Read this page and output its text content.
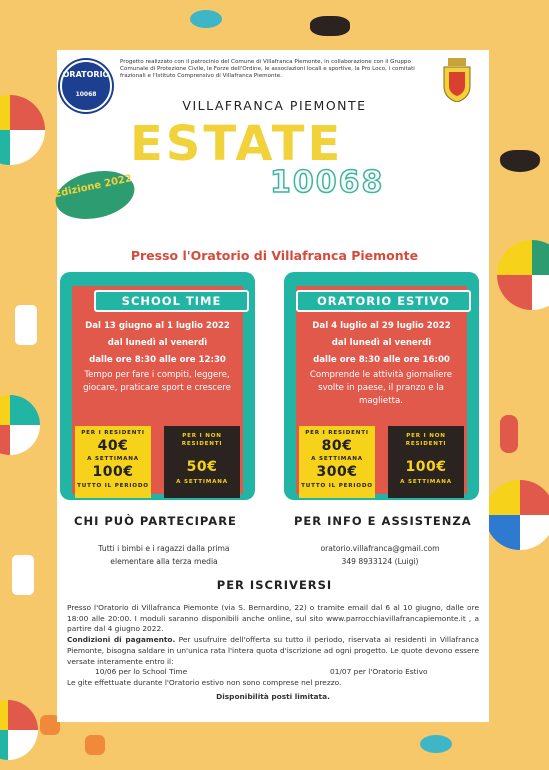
ORATORIO
10068
Progetto realizzato con il patrocinio del Comune di Villafranca Piemonte, in collaborazione con il Gruppo Comunale di Protezione Civile, le Forze dell'Ordine, le associazioni locali e sportive, la Pro Loco, i comitati frazionali e l'Istituto Comprensivo di Villafranca Piemonte.
VILLAFRANCA PIEMONTE
ESTATE
10068
Edizione 2022
Presso l'Oratorio di Villafranca Piemonte
SCHOOL TIME
Dal 13 giugno al 1 luglio 2022
dal lunedì al venerdì
dalle ore 8:30 alle ore 12:30
Tempo per fare i compiti, leggere, giocare, praticare sport e crescere
PER I RESIDENTI
40€
A SETTIMANA
100€
TUTTO IL PERIODO
PER I NON RESIDENTI
50€
A SETTIMANA
ORATORIO ESTIVO
Dal 4 luglio al 29 luglio 2022
dal lunedì al venerdì
dalle ore 8:30 alle ore 16:00
Comprende le attività giornaliere svolte in paese, il pranzo e la maglietta.
PER I RESIDENTI
80€
A SETTIMANA
300€
TUTTO IL PERIODO
PER I NON RESIDENTI
100€
A SETTIMANA
CHI PUÒ PARTECIPARE
Tutti i bimbi e i ragazzi dalla prima
elementare alla terza media
PER INFO E ASSISTENZA
oratorio.villafranca@gmail.com
349 8933124 (Luigi)
PER ISCRIVERSI

Presso l'Oratorio di Villafranca Piemonte (via S. Bernardino, 22) o tramite email dal 6 al 10 giugno, dalle ore 18:00 alle 20:00. I moduli saranno disponibili anche online, sul sito www.parrocchiavillafrancapiemonte.it , a partire dal 4 giugno 2022.

Condizioni di pagamento. Per usufruire dell'offerta su tutto il periodo, riservata ai residenti in Villafranca Piemonte, bisogna saldare in un'unica rata l'intera quota d'iscrizione ad ogni progetto. Le quote devono essere versate interamente entro il:

10/06 per lo School Time	01/07 per l'Oratorio Estivo

Le gite effettuate durante l'Oratorio estivo non sono comprese nel prezzo.

Disponibilità posti limitata.
